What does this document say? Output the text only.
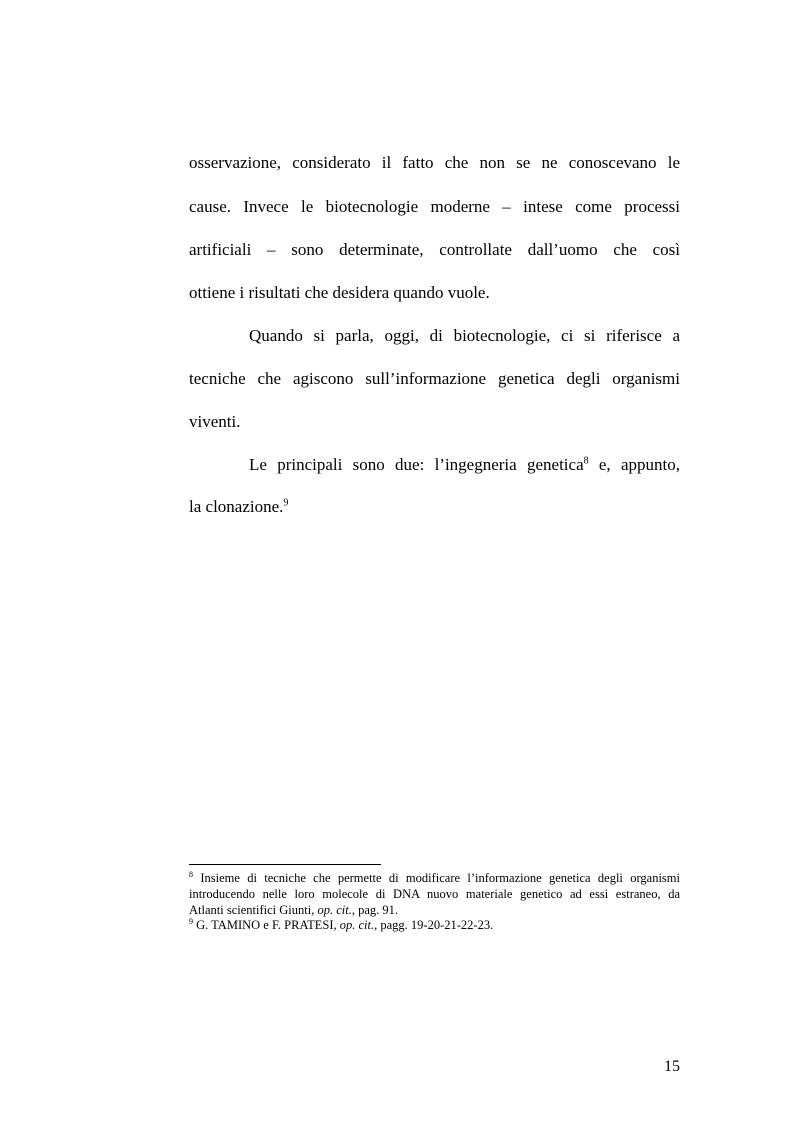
osservazione, considerato il fatto che non se ne conoscevano le
cause. Invece le biotecnologie moderne – intese come processi
artificiali – sono determinate, controllate dall’uomo che così
ottiene i risultati che desidera quando vuole.
Quando si parla, oggi, di biotecnologie, ci si riferisce a
tecniche che agiscono sull’informazione genetica degli organismi
viventi.
Le principali sono due: l’ingegneria genetica$^8$ e, appunto,
la clonazione.$^9$
$^8$ Insieme di tecniche che permette di modificare l’informazione genetica degli organismi
introducendo nelle loro molecole di DNA nuovo materiale genetico ad essi estraneo, da
Atlanti scientifici Giunti, op. cit., pag. 91.
$^9$ G. TAMINO e F. PRATESI, op. cit., pagg. 19-20-21-22-23.
15
